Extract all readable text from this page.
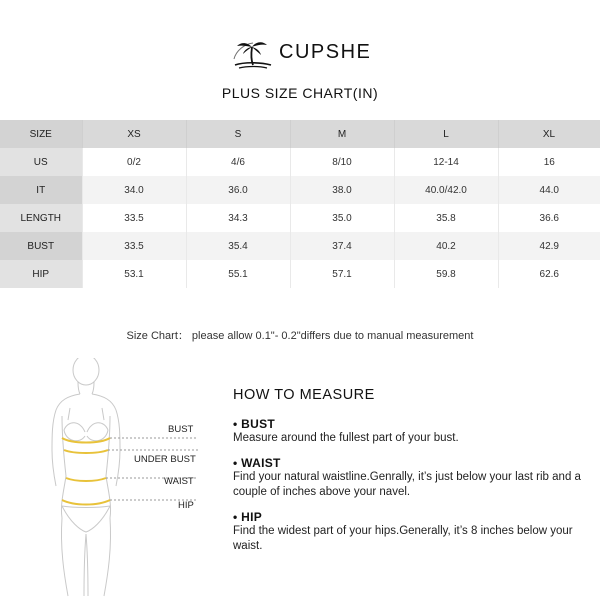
CUPSHE
PLUS SIZE CHART(IN)
SIZE	XS	S	M	L	XL
US	0/2	4/6	8/10	12-14	16
IT	34.0	36.0	38.0	40.0/42.0	44.0
LENGTH	33.5	34.3	35.0	35.8	36.6
BUST	33.5	35.4	37.4	40.2	42.9
HIP	53.1	55.1	57.1	59.8	62.6
Size Chart： please allow 0.1"- 0.2"differs due to manual measurement
BUST
UNDER BUST
WAIST
HIP
HOW TO MEASURE
• BUST
Measure around the fullest part of your bust.
• WAIST
Find your natural waistline.Genrally, it’s just below your last rib and a couple of inches above your navel.
• HIP
Find the widest part of your hips.Generally, it’s 8 inches below your waist.
